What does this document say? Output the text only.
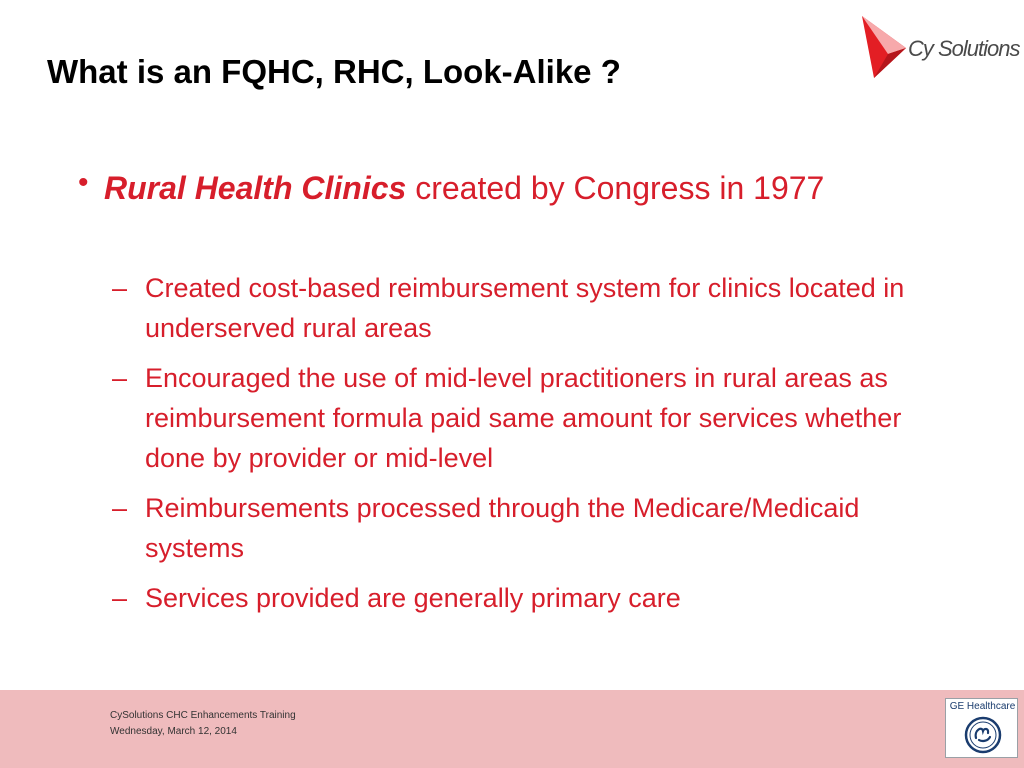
What is an FQHC, RHC, Look-Alike ?
Cy Solutions
• Rural Health Clinics created by Congress in 1977
– Created cost-based reimbursement system for clinics located in underserved rural areas
– Encouraged the use of mid-level practitioners in rural areas as reimbursement formula paid same amount for services whether done by provider or mid-level
– Reimbursements processed through the Medicare/Medicaid systems
– Services provided are generally primary care
CySolutions CHC Enhancements Training
Wednesday, March 12, 2014
GE Healthcare
